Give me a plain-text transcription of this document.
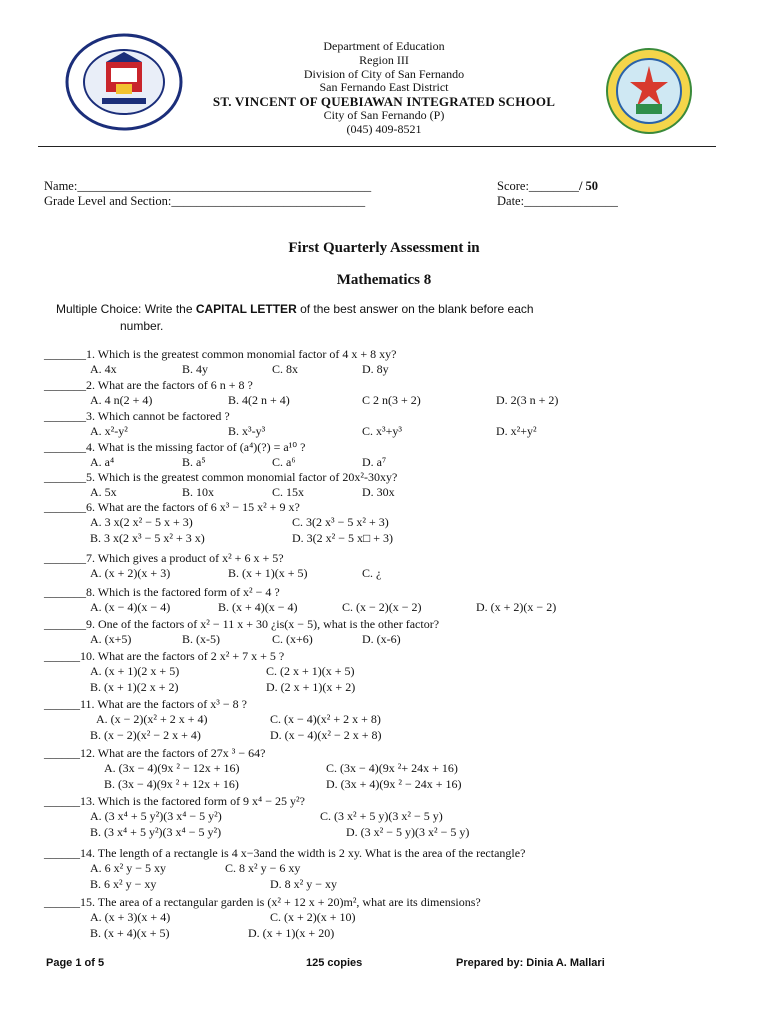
Department of Education
Region III
Division of City of San Fernando
San Fernando East District
ST. VINCENT OF QUEBIAWAN INTEGRATED SCHOOL
City of San Fernando (P)
(045) 409-8521
Name:_______________________________________________
Grade Level and Section:_______________________________
Score:________/ 50
Date:_______________
First Quarterly Assessment in
Mathematics 8
Multiple Choice: Write the CAPITAL LETTER of the best answer on the blank before each
number.
_______1. Which is the greatest common monomial factor of 4 x + 8 xy?
A. 4x	B. 4y	C. 8x	D. 8y
_______2. What are the factors of 6 n + 8 ?
A. 4 n(2 + 4)	B. 4(2 n + 4)	C 2 n(3 + 2)	D. 2(3 n + 2)
_______3. Which cannot be factored ?
A. x²-y²	B. x³-y³	C. x³+y³	D. x²+y²
_______4. What is the missing factor of (a⁴)(?) = a¹⁰ ?
A. a⁴	B. a⁵	C. a⁶	D. a⁷
_______5. Which is the greatest common monomial factor of 20x²-30xy?
A. 5x	B. 10x	C. 15x	D. 30x
_______6. What are the factors of 6 x³ − 15 x² + 9 x?
A. 3 x(2 x² − 5 x + 3)	C. 3(2 x³ − 5 x² + 3)
B. 3 x(2 x³ − 5 x² + 3 x)	D. 3(2 x² − 5 x□ + 3)
_______7. Which gives a product of x² + 6 x + 5?
A. (x + 2)(x + 3)	B. (x + 1)(x + 5)	C. ¿
_______8. Which is the factored form of x² − 4 ?
A. (x − 4)(x − 4)	B. (x + 4)(x − 4)	C. (x − 2)(x − 2)	D. (x + 2)(x − 2)
_______9. One of the factors of x² − 11 x + 30 ¿is(x − 5), what is the other factor?
A. (x+5)	B. (x-5)	C. (x+6)	D. (x-6)
______10. What are the factors of 2 x² + 7 x + 5 ?
A. (x + 1)(2 x + 5)	C. (2 x + 1)(x + 5)
B. (x + 1)(2 x + 2)	D. (2 x + 1)(x + 2)
______11. What are the factors of x³ − 8 ?
A. (x − 2)(x² + 2 x + 4)	C. (x − 4)(x² + 2 x + 8)
B. (x − 2)(x² − 2 x + 4)	D. (x − 4)(x² − 2 x + 8)
______12. What are the factors of 27x ³ − 64?
A. (3x − 4)(9x ² − 12x + 16)	C. (3x − 4)(9x ²+ 24x + 16)
B. (3x − 4)(9x ² + 12x + 16)	D. (3x + 4)(9x ² − 24x + 16)
______13. Which is the factored form of 9 x⁴ − 25 y²?
A. (3 x⁴ + 5 y²)(3 x⁴ − 5 y²)	C. (3 x² + 5 y)(3 x² − 5 y)
B. (3 x⁴ + 5 y²)(3 x⁴ − 5 y²)	D. (3 x² − 5 y)(3 x² − 5 y)
______14. The length of a rectangle is 4 x−3and the width is 2 xy. What is the area of the rectangle?
A. 6 x² y − 5 xy	C. 8 x² y − 6 xy
B. 6 x² y − xy	D. 8 x² y − xy
______15. The area of a rectangular garden is (x² + 12 x + 20)m², what are its dimensions?
A. (x + 3)(x + 4)	C. (x + 2)(x + 10)
B. (x + 4)(x + 5)	D. (x + 1)(x + 20)
Page 1 of 5	125 copies	Prepared by: Dinia A. Mallari
